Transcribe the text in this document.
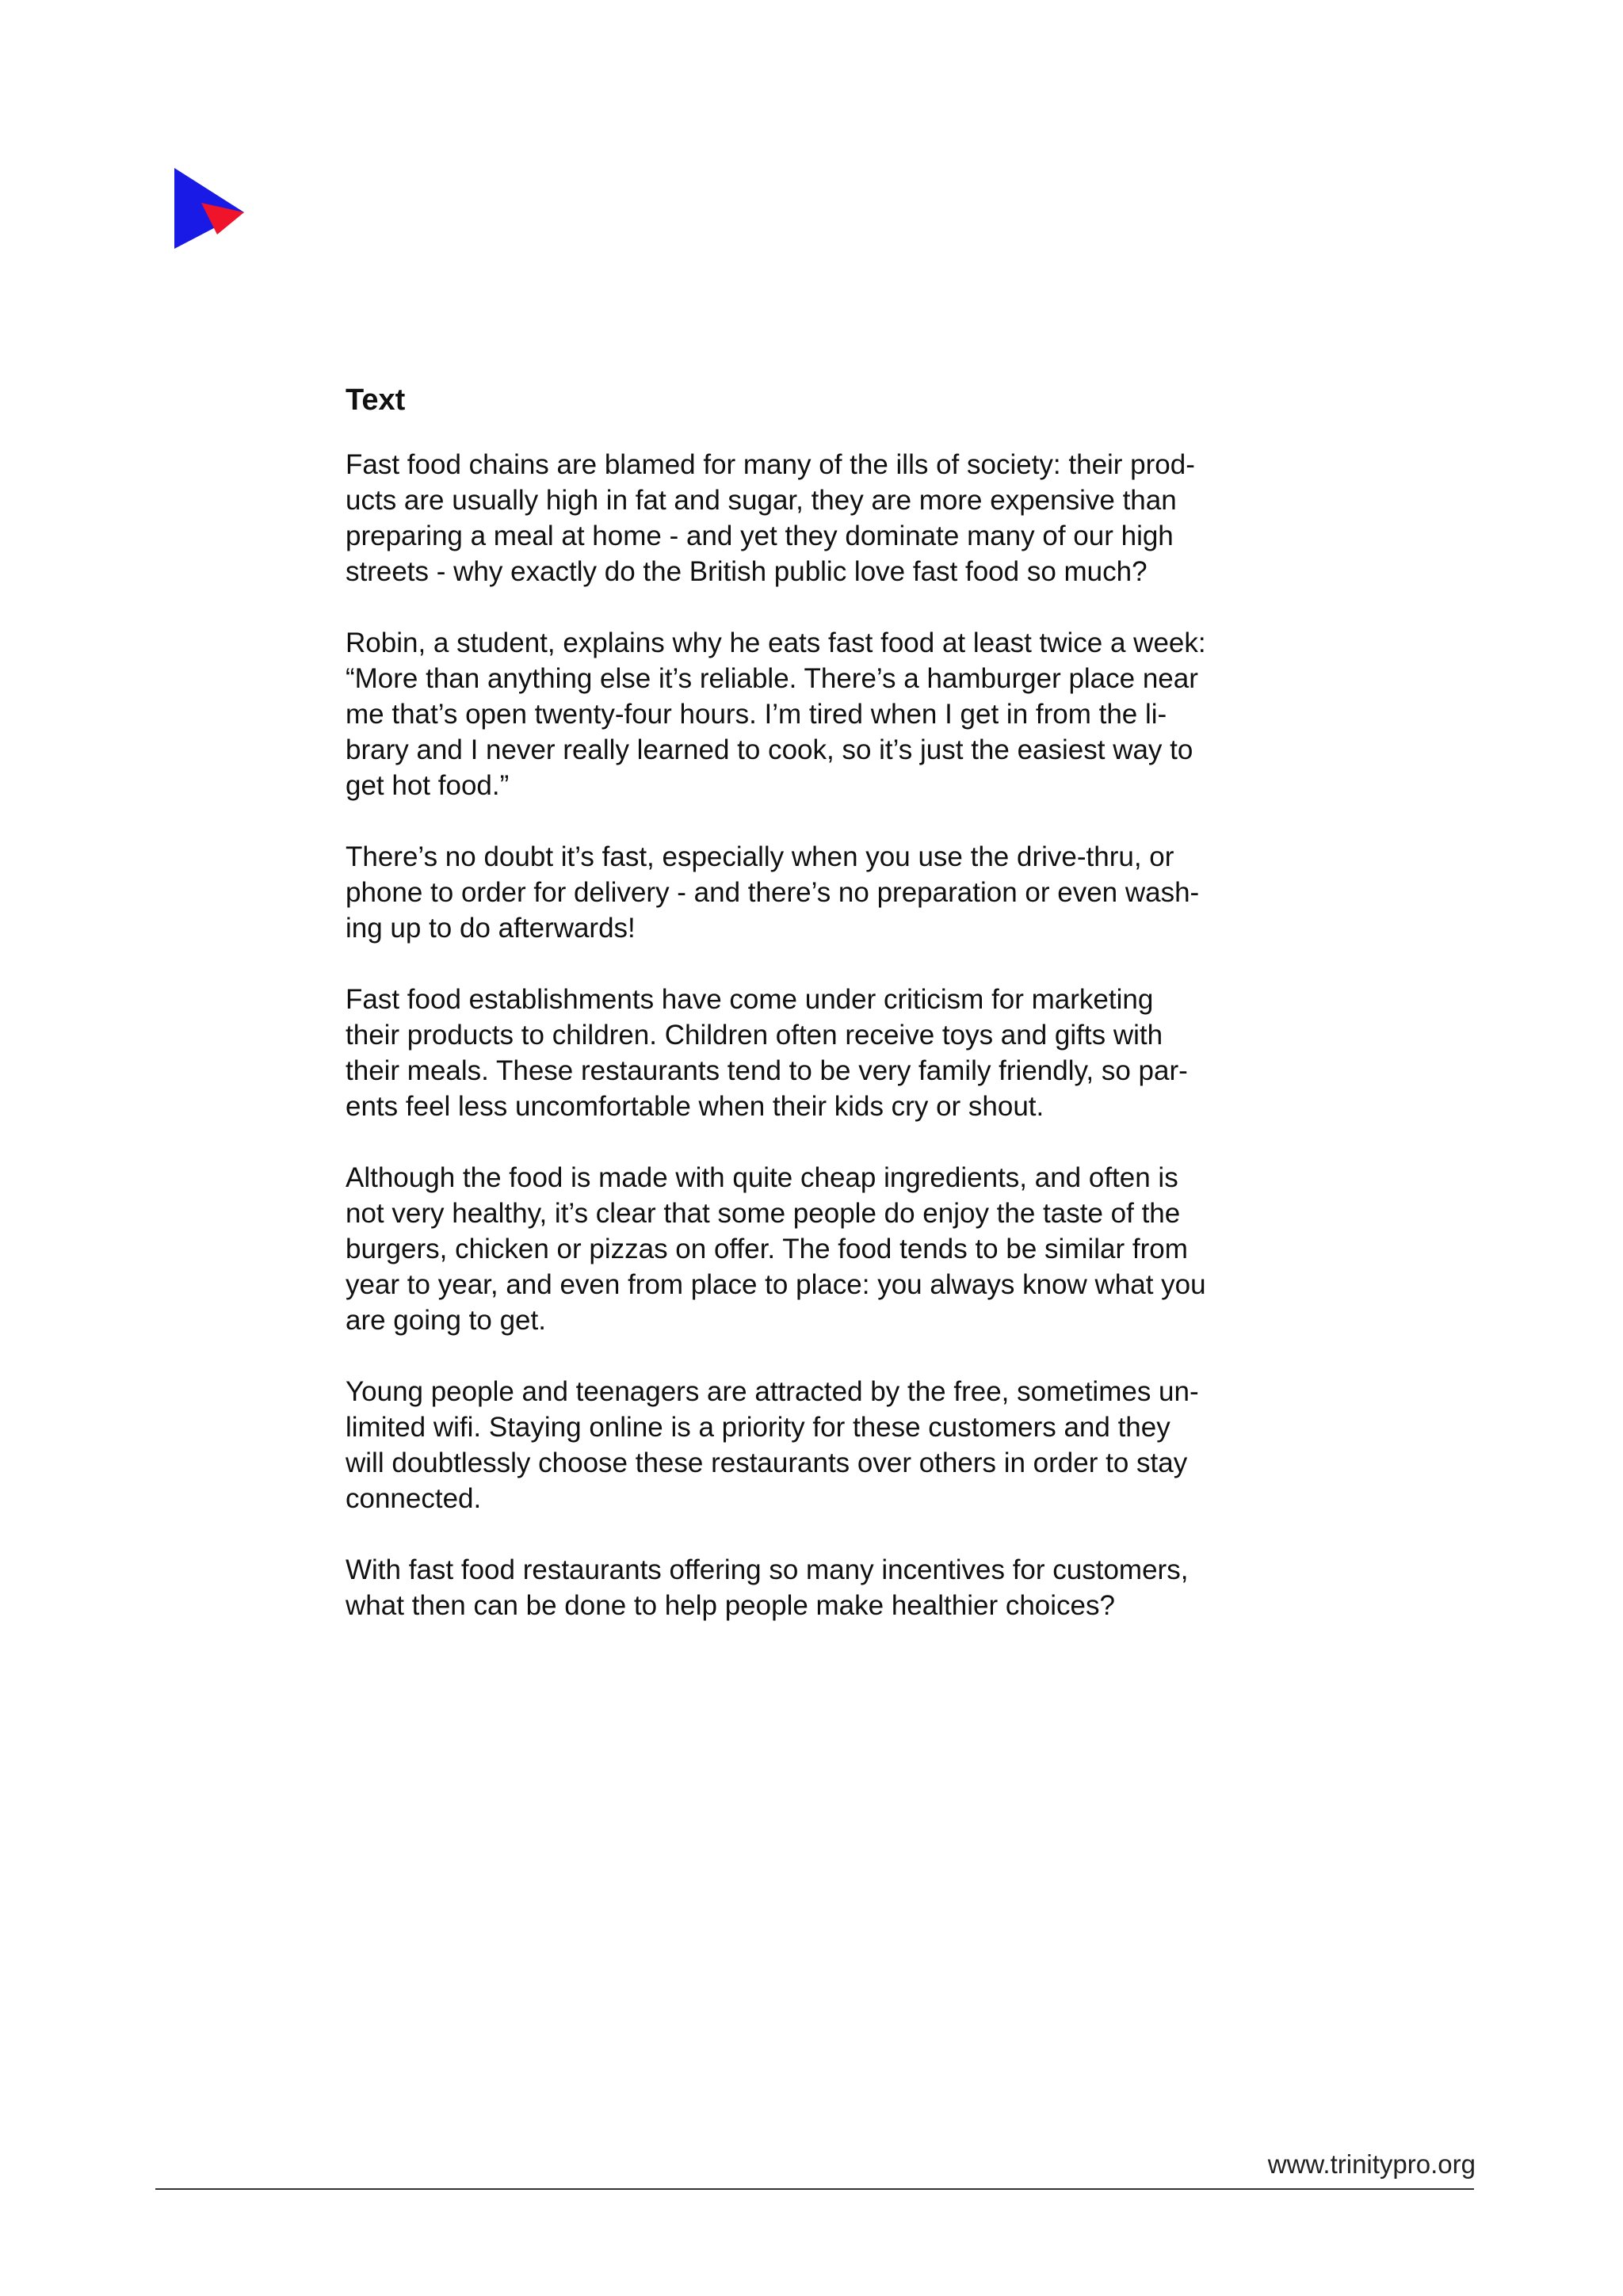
Text
Fast food chains are blamed for many of the ills of society: their prod-
ucts are usually high in fat and sugar, they are more expensive than
preparing a meal at home - and yet they dominate many of our high
streets - why exactly do the British public love fast food so much?
Robin, a student, explains why he eats fast food at least twice a week:
“More than anything else it’s reliable. There’s a hamburger place near
me that’s open twenty-four hours. I’m tired when I get in from the li-
brary and I never really learned to cook, so it’s just the easiest way to
get hot food.”
There’s no doubt it’s fast, especially when you use the drive-thru, or
phone to order for delivery - and there’s no preparation or even wash-
ing up to do afterwards!
Fast food establishments have come under criticism for marketing
their products to children. Children often receive toys and gifts with
their meals. These restaurants tend to be very family friendly, so par-
ents feel less uncomfortable when their kids cry or shout.
Although the food is made with quite cheap ingredients, and often is
not very healthy, it’s clear that some people do enjoy the taste of the
burgers, chicken or pizzas on offer. The food tends to be similar from
year to year, and even from place to place: you always know what you
are going to get.
Young people and teenagers are attracted by the free, sometimes un-
limited wifi. Staying online is a priority for these customers and they
will doubtlessly choose these restaurants over others in order to stay
connected.
With fast food restaurants offering so many incentives for customers,
what then can be done to help people make healthier choices?
www.trinitypro.org
